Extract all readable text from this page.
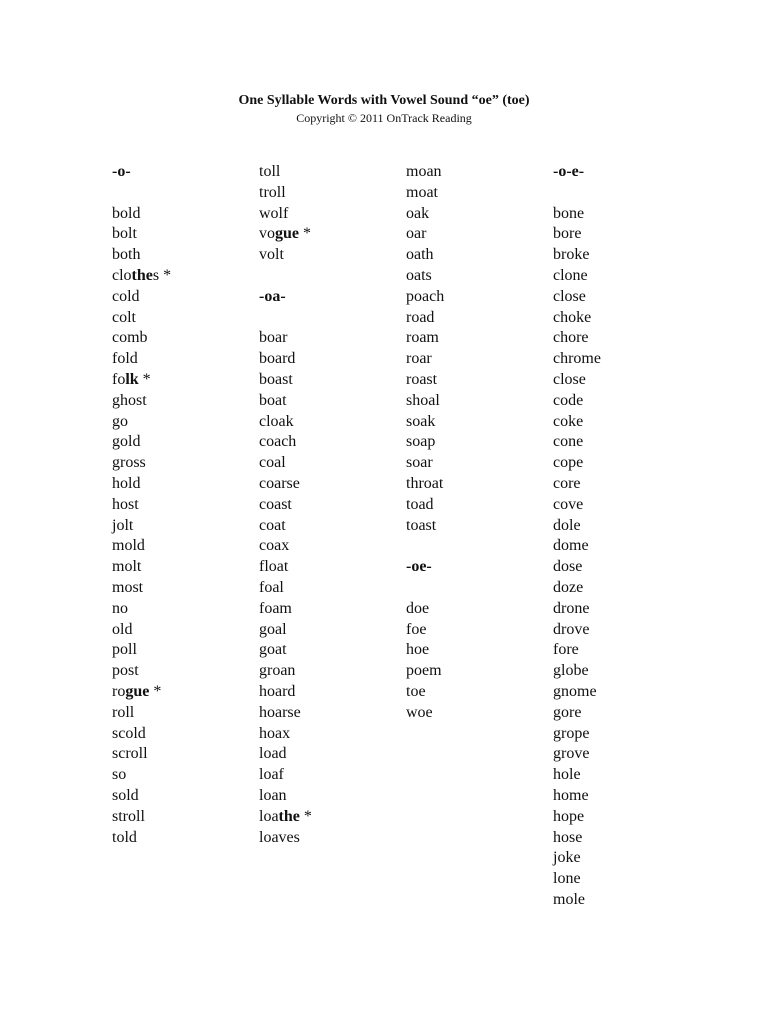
One Syllable Words with Vowel Sound “oe” (toe)
Copyright © 2011 OnTrack Reading
-o-
bold
bolt
both
clothes *
cold
colt
comb
fold
folk *
ghost
go
gold
gross
hold
host
jolt
mold
molt
most
no
old
poll
post
rogue *
roll
scold
scroll
so
sold
stroll
told
toll
troll
wolf
vogue *
volt
-oa-
boar
board
boast
boat
cloak
coach
coal
coarse
coast
coat
coax
float
foal
foam
goal
goat
groan
hoard
hoarse
hoax
load
loaf
loan
loathe *
loaves
moan
moat
oak
oar
oath
oats
poach
road
roam
roar
roast
shoal
soak
soap
soar
throat
toad
toast
-oe-
doe
foe
hoe
poem
toe
woe
-o-e-
bone
bore
broke
clone
close
choke
chore
chrome
close
code
coke
cone
cope
core
cove
dole
dome
dose
doze
drone
drove
fore
globe
gnome
gore
grope
grove
hole
home
hope
hose
joke
lone
mole
